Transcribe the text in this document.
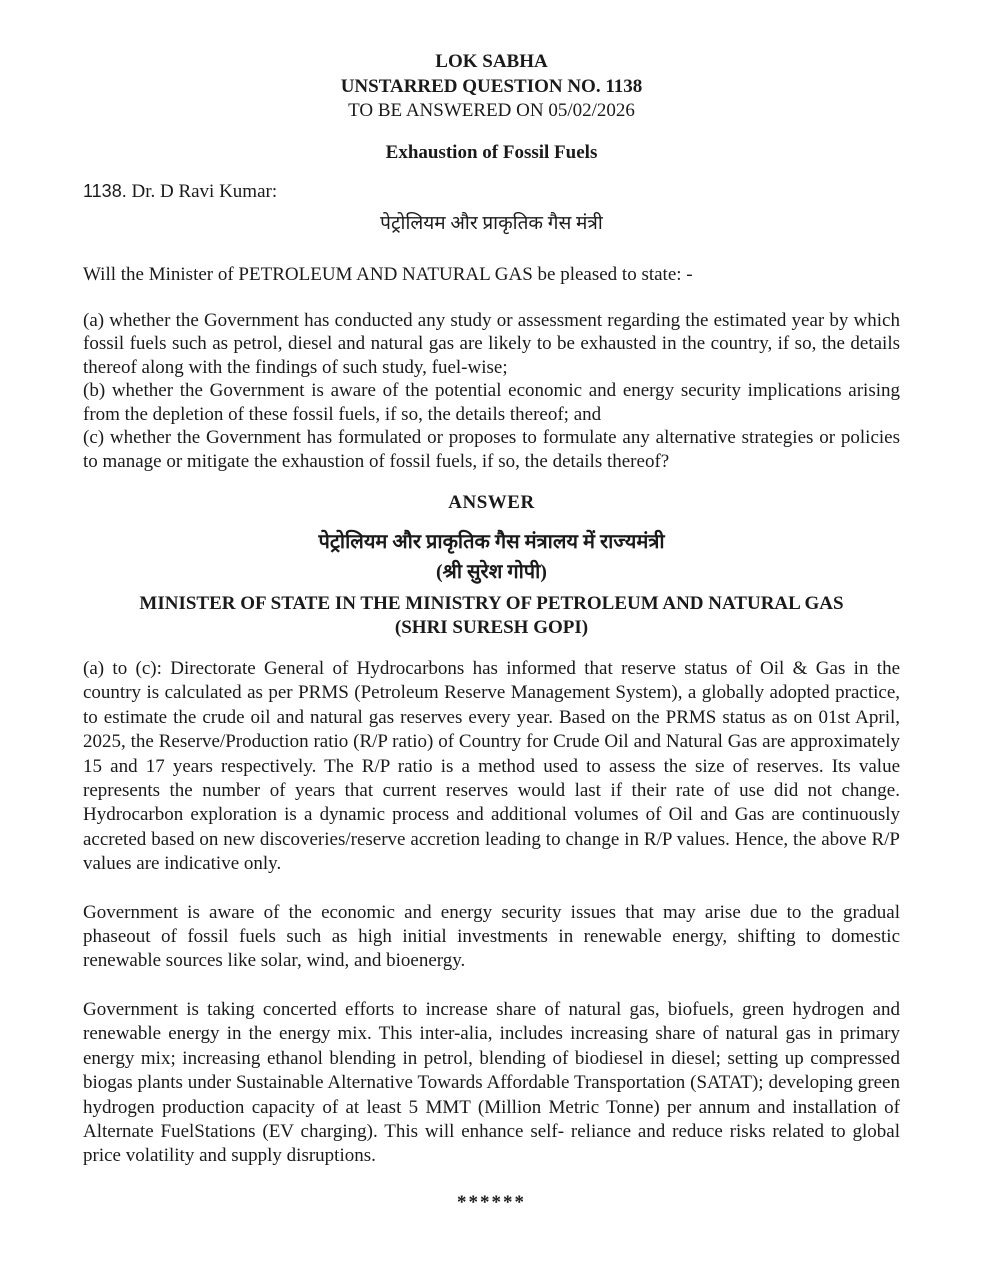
LOK SABHA
UNSTARRED QUESTION NO. 1138
TO BE ANSWERED ON 05/02/2026
Exhaustion of Fossil Fuels
1138. Dr. D Ravi Kumar:
पेट्रोलियम और प्राकृतिक गैस मंत्री
Will the Minister of PETROLEUM AND NATURAL GAS be pleased to state: -
(a) whether the Government has conducted any study or assessment regarding the estimated year by which fossil fuels such as petrol, diesel and natural gas are likely to be exhausted in the country, if so, the details thereof along with the findings of such study, fuel-wise;
(b) whether the Government is aware of the potential economic and energy security implications arising from the depletion of these fossil fuels, if so, the details thereof; and
(c) whether the Government has formulated or proposes to formulate any alternative strategies or policies to manage or mitigate the exhaustion of fossil fuels, if so, the details thereof?
ANSWER
पेट्रोलियम और प्राकृतिक गैस मंत्रालय में राज्यमंत्री
(श्री सुरेश गोपी)
MINISTER OF STATE IN THE MINISTRY OF PETROLEUM AND NATURAL GAS
(SHRI SURESH GOPI)
(a) to (c): Directorate General of Hydrocarbons has informed that reserve status of Oil & Gas in the country is calculated as per PRMS (Petroleum Reserve Management System), a globally adopted practice, to estimate the crude oil and natural gas reserves every year. Based on the PRMS status as on 01st April, 2025, the Reserve/Production ratio (R/P ratio) of Country for Crude Oil and Natural Gas are approximately 15 and 17 years respectively. The R/P ratio is a method used to assess the size of reserves. Its value represents the number of years that current reserves would last if their rate of use did not change. Hydrocarbon exploration is a dynamic process and additional volumes of Oil and Gas are continuously accreted based on new discoveries/reserve accretion leading to change in R/P values. Hence, the above R/P values are indicative only.
Government is aware of the economic and energy security issues that may arise due to the gradual phaseout of fossil fuels such as high initial investments in renewable energy, shifting to domestic renewable sources like solar, wind, and bioenergy.
Government is taking concerted efforts to increase share of natural gas, biofuels, green hydrogen and renewable energy in the energy mix. This inter-alia, includes increasing share of natural gas in primary energy mix; increasing ethanol blending in petrol, blending of biodiesel in diesel; setting up compressed biogas plants under Sustainable Alternative Towards Affordable Transportation (SATAT); developing green hydrogen production capacity of at least 5 MMT (Million Metric Tonne) per annum and installation of Alternate FuelStations (EV charging). This will enhance self- reliance and reduce risks related to global price volatility and supply disruptions.
******
